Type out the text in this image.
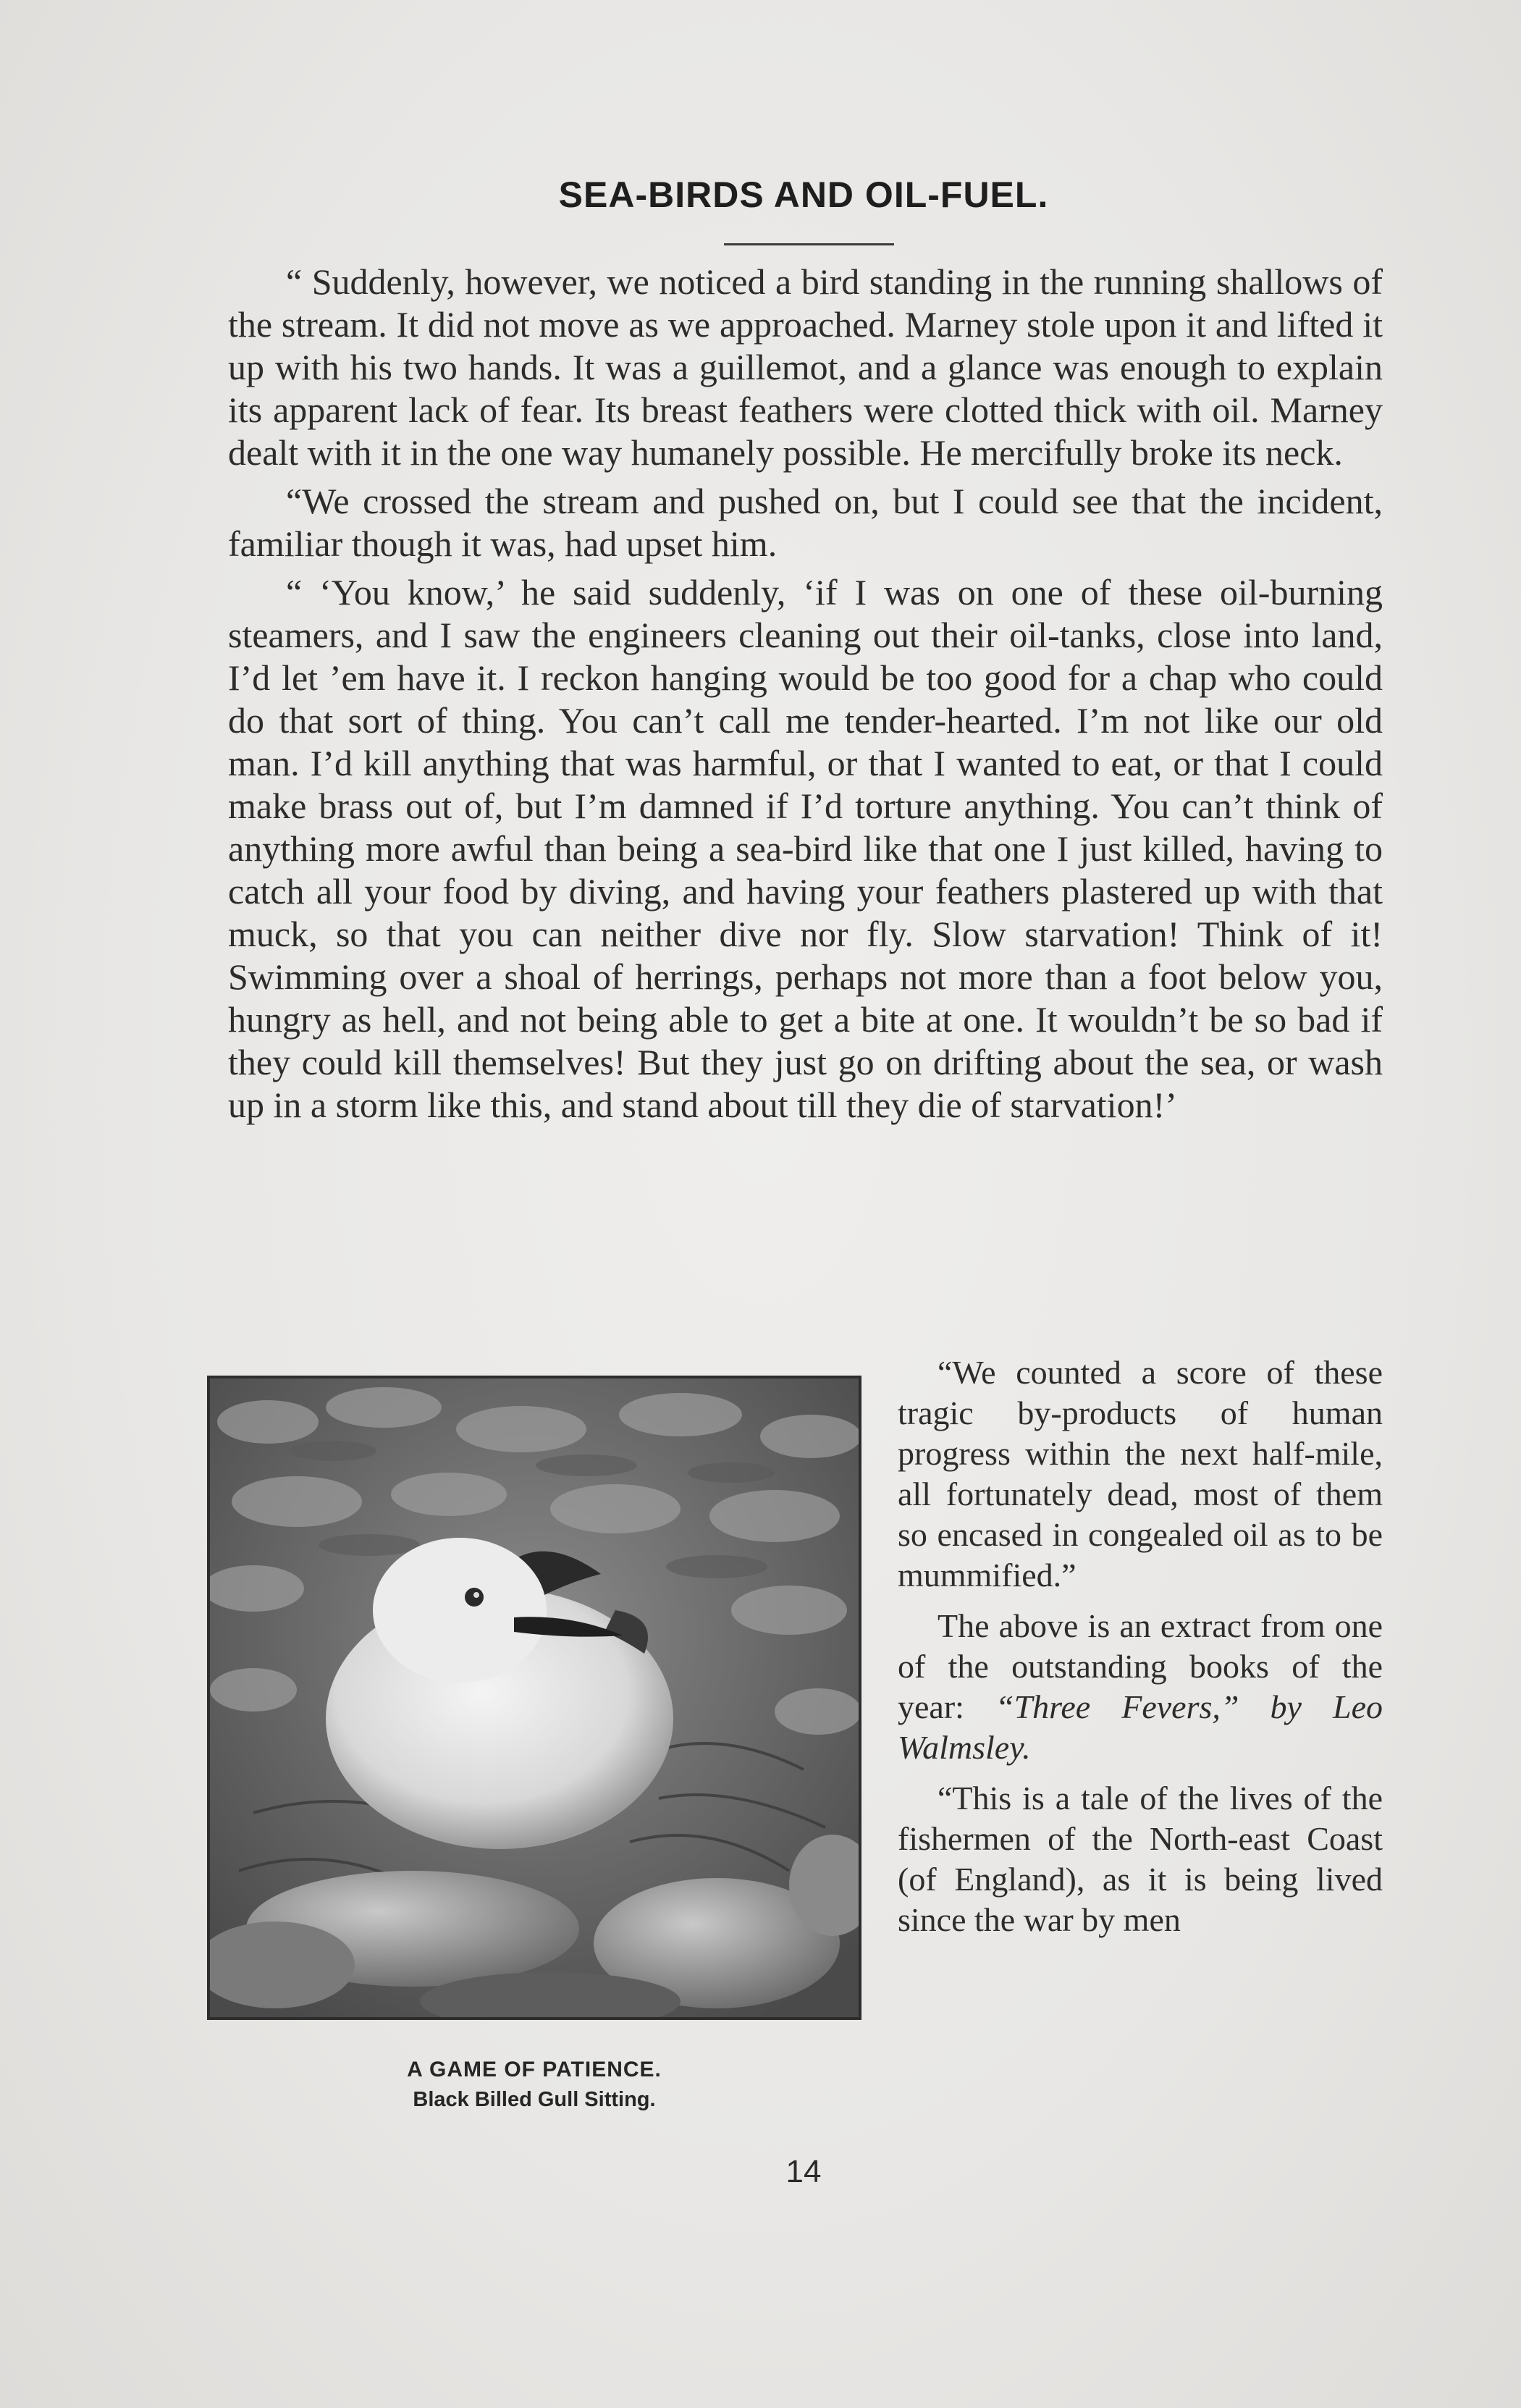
SEA-BIRDS AND OIL-FUEL.

“ Suddenly, however, we noticed a bird standing in the running shallows of the stream. It did not move as we approached. Marney stole upon it and lifted it up with his two hands. It was a guillemot, and a glance was enough to explain its apparent lack of fear. Its breast feathers were clotted thick with oil. Marney dealt with it in the one way humanely possible. He mercifully broke its neck.

“We crossed the stream and pushed on, but I could see that the incident, familiar though it was, had upset him.

“ ‘You know,’ he said suddenly, ‘if I was on one of these oil-burning steamers, and I saw the engineers cleaning out their oil-tanks, close into land, I’d let ’em have it. I reckon hanging would be too good for a chap who could do that sort of thing. You can’t call me tender-hearted. I’m not like our old man. I’d kill anything that was harmful, or that I wanted to eat, or that I could make brass out of, but I’m damned if I’d torture anything. You can’t think of anything more awful than being a sea-bird like that one I just killed, having to catch all your food by diving, and having your feathers plastered up with that muck, so that you can neither dive nor fly. Slow starvation! Think of it! Swimming over a shoal of herrings, perhaps not more than a foot below you, hungry as hell, and not being able to get a bite at one. It wouldn’t be so bad if they could kill themselves! But they just go on drifting about the sea, or wash up in a storm like this, and stand about till they die of starvation!’

A GAME OF PATIENCE.
Black Billed Gull Sitting.

“We counted a score of these tragic by-products of human progress within the next half-mile, all fortunately dead, most of them so encased in congealed oil as to be mummified.”

The above is an extract from one of the outstanding books of the year: “Three Fevers,” by Leo Walmsley.

“This is a tale of the lives of the fishermen of the North-east Coast (of England), as it is being lived since the war by men

14
